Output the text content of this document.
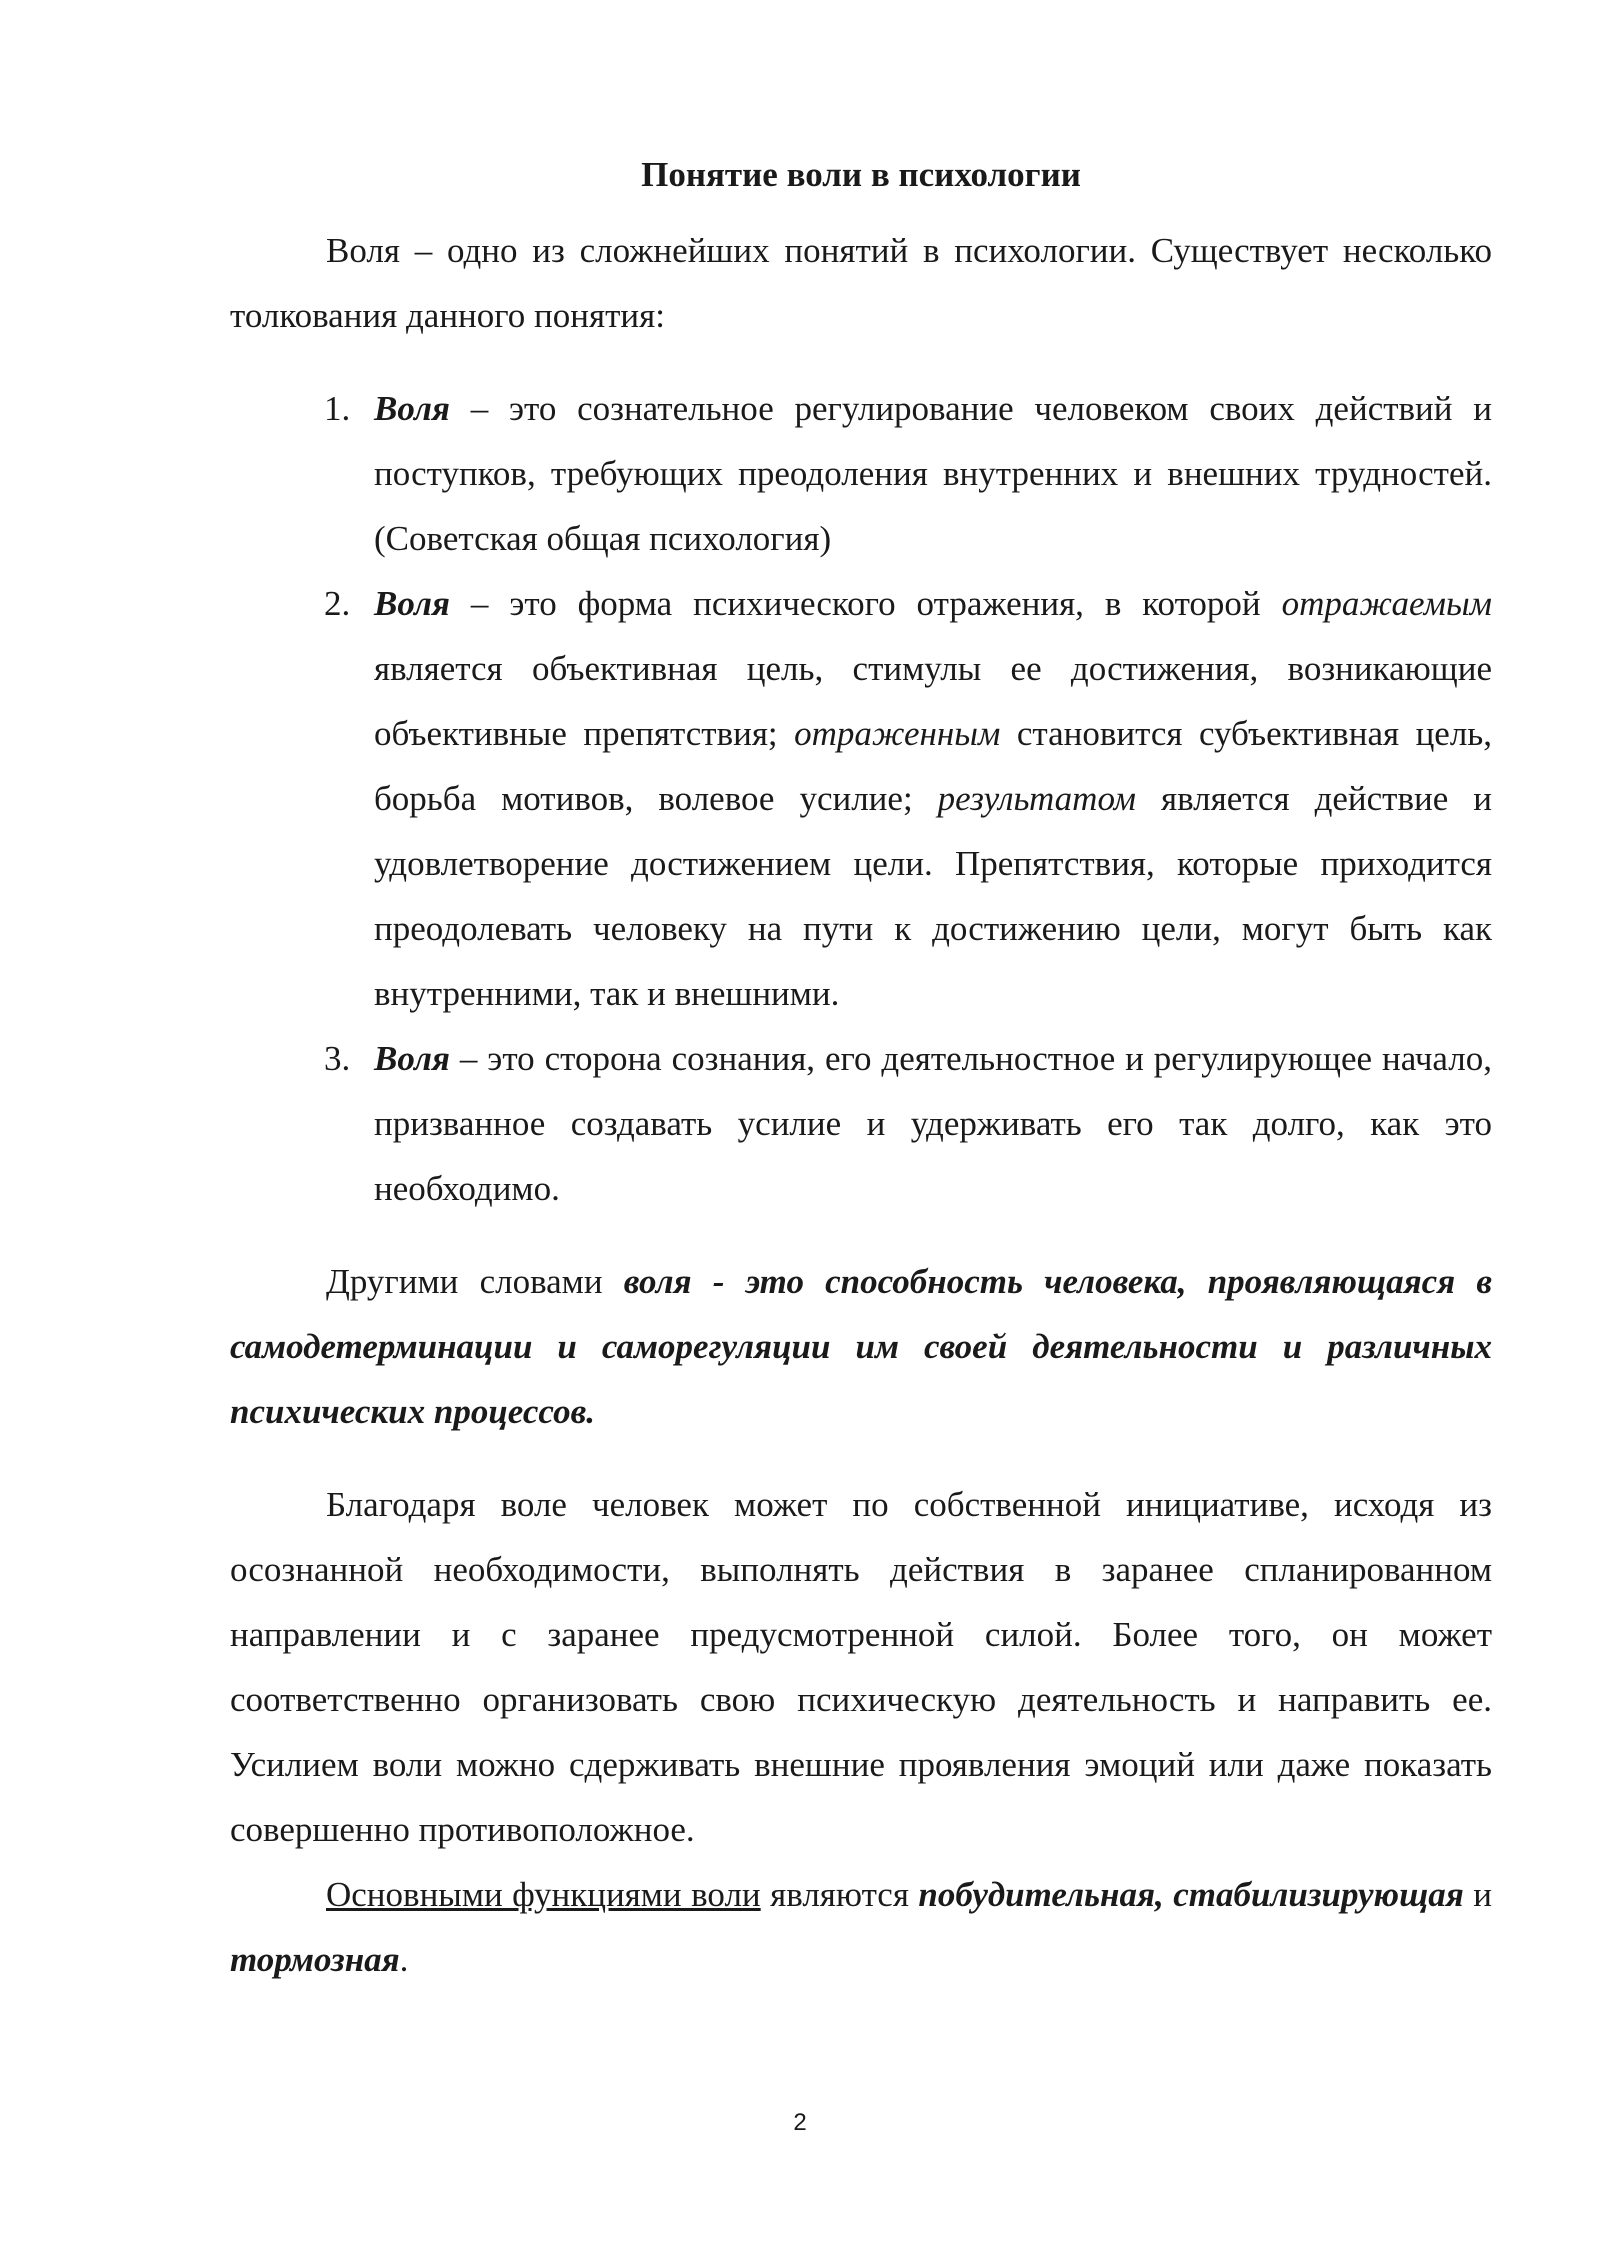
Понятие воли в психологии

Воля – одно из сложнейших понятий в психологии. Существует несколько толкования данного понятия:

1. Воля – это сознательное регулирование человеком своих действий и поступков, требующих преодоления внутренних и внешних трудностей. (Советская общая психология)
2. Воля – это форма психического отражения, в которой отражаемым является объективная цель, стимулы ее достижения, возникающие объективные препятствия; отраженным становится субъективная цель, борьба мотивов, волевое усилие; результатом является действие и удовлетворение достижением цели. Препятствия, которые приходится преодолевать человеку на пути к достижению цели, могут быть как внутренними, так и внешними.
3. Воля – это сторона сознания, его деятельностное и регулирующее начало, призванное создавать усилие и удерживать его так долго, как это необходимо.

Другими словами воля - это способность человека, проявляющаяся в самодетерминации и саморегуляции им своей деятельности и различных психических процессов.

Благодаря воле человек может по собственной инициативе, исходя из осознанной необходимости, выполнять действия в заранее спланированном направлении и с заранее предусмотренной силой. Более того, он может соответственно организовать свою психическую деятельность и направить ее. Усилием воли можно сдерживать внешние проявления эмоций или даже показать совершенно противоположное.

Основными функциями воли являются побудительная, стабилизирующая и тормозная.

2
